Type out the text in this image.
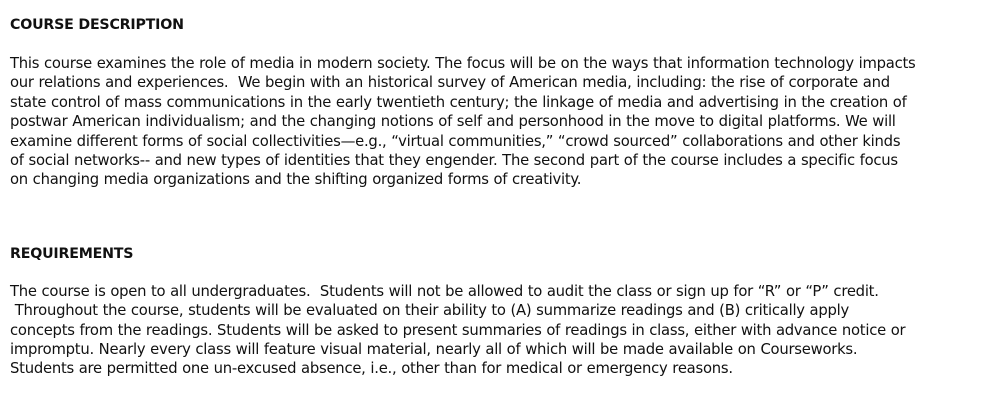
COURSE DESCRIPTION

This course examines the role of media in modern society. The focus will be on the ways that information technology impacts
our relations and experiences.  We begin with an historical survey of American media, including: the rise of corporate and
state control of mass communications in the early twentieth century; the linkage of media and advertising in the creation of
postwar American individualism; and the changing notions of self and personhood in the move to digital platforms. We will
examine different forms of social collectivities—e.g., “virtual communities,” “crowd sourced” collaborations and other kinds
of social networks-- and new types of identities that they engender. The second part of the course includes a specific focus
on changing media organizations and the shifting organized forms of creativity.

REQUIREMENTS

The course is open to all undergraduates.  Students will not be allowed to audit the class or sign up for “R” or “P” credit.
Throughout the course, students will be evaluated on their ability to (A) summarize readings and (B) critically apply
concepts from the readings. Students will be asked to present summaries of readings in class, either with advance notice or
impromptu. Nearly every class will feature visual material, nearly all of which will be made available on Courseworks.
Students are permitted one un-excused absence, i.e., other than for medical or emergency reasons.
